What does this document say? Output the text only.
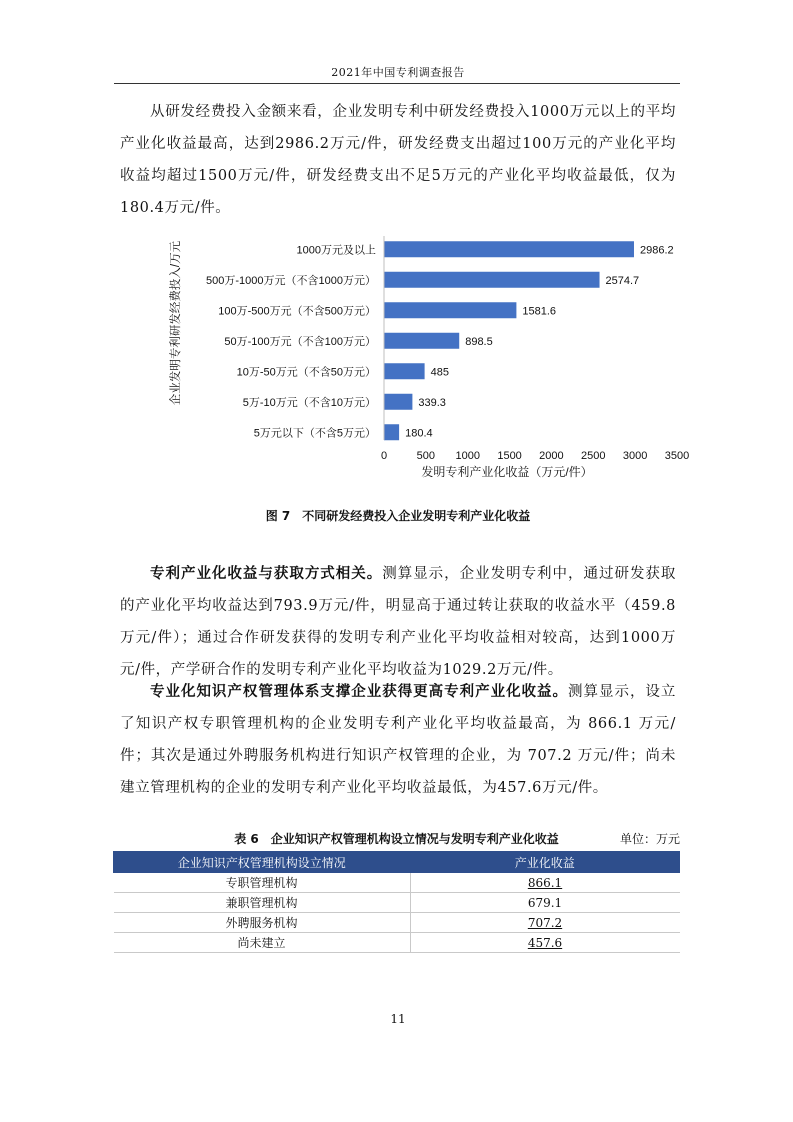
2021年中国专利调查报告

从研发经费投入金额来看，企业发明专利中研发经费投入1000万元以上的平均产业化收益最高，达到2986.2万元/件，研发经费支出超过100万元的产业化平均收益均超过1500万元/件，研发经费支出不足5万元的产业化平均收益最低，仅为180.4万元/件。

企业发明专利研发经费投入/万元
发明专利产业化收益（万元/件）
1000万元及以上	2986.2
500万-1000万元（不含1000万元）	2574.7
100万-500万元（不含500万元）	1581.6
50万-100万元（不含100万元）	898.5
10万-50万元（不含50万元）	485
5万-10万元（不含10万元）	339.3
5万元以下（不含5万元）	180.4
0	500 1000 1500 2000 2500 3000 3500
图 7　不同研发经费投入企业发明专利产业化收益

专利产业化收益与获取方式相关。测算显示，企业发明专利中，通过研发获取的产业化平均收益达到793.9万元/件，明显高于通过转让获取的收益水平（459.8 万元/件）；通过合作研发获得的发明专利产业化平均收益相对较高，达到1000万元/件，产学研合作的发明专利产业化平均收益为1029.2万元/件。

专业化知识产权管理体系支撑企业获得更高专利产业化收益。测算显示，设立了知识产权专职管理机构的企业发明专利产业化平均收益最高，为 866.1 万元/件；其次是通过外聘服务机构进行知识产权管理的企业，为 707.2 万元/件；尚未建立管理机构的企业的发明专利产业化平均收益最低，为457.6万元/件。

表 6　企业知识产权管理机构设立情况与发明专利产业化收益	单位：万元
企业知识产权管理机构设立情况	产业化收益
专职管理机构	866.1
兼职管理机构	679.1
外聘服务机构	707.2
尚未建立	457.6
11
